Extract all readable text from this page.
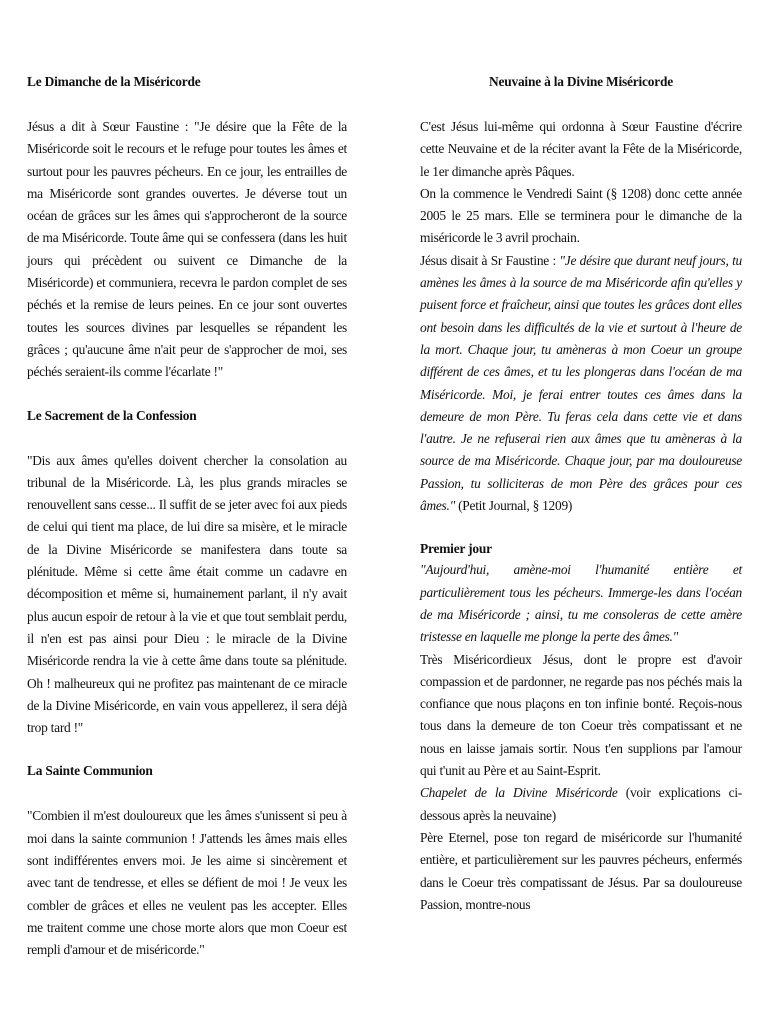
Le Dimanche de la Miséricorde

Jésus a dit à Sœur Faustine : "Je désire que la Fête de la Miséricorde soit le recours et le refuge pour toutes les âmes et surtout pour les pauvres pécheurs. En ce jour, les entrailles de ma Miséricorde sont grandes ouvertes. Je déverse tout un océan de grâces sur les âmes qui s'approcheront de la source de ma Miséricorde. Toute âme qui se confessera (dans les huit jours qui précèdent ou suivent ce Dimanche de la Miséricorde) et communiera, recevra le pardon complet de ses péchés et la remise de leurs peines. En ce jour sont ouvertes toutes les sources divines par lesquelles se répandent les grâces ; qu'aucune âme n'ait peur de s'approcher de moi, ses péchés seraient-ils comme l'écarlate !"

Le Sacrement de la Confession

"Dis aux âmes qu'elles doivent chercher la consolation au tribunal de la Miséricorde. Là, les plus grands miracles se renouvellent sans cesse... Il suffit de se jeter avec foi aux pieds de celui qui tient ma place, de lui dire sa misère, et le miracle de la Divine Miséricorde se manifestera dans toute sa plénitude. Même si cette âme était comme un cadavre en décomposition et même si, humainement parlant, il n'y avait plus aucun espoir de retour à la vie et que tout semblait perdu, il n'en est pas ainsi pour Dieu : le miracle de la Divine Miséricorde rendra la vie à cette âme dans toute sa plénitude. Oh ! malheureux qui ne profitez pas maintenant de ce miracle de la Divine Miséricorde, en vain vous appellerez, il sera déjà trop tard !"

La Sainte Communion

"Combien il m'est douloureux que les âmes s'unissent si peu à moi dans la sainte communion ! J'attends les âmes mais elles sont indifférentes envers moi. Je les aime si sincèrement et avec tant de tendresse, et elles se défient de moi ! Je veux les combler de grâces et elles ne veulent pas les accepter. Elles me traitent comme une chose morte alors que mon Coeur est rempli d'amour et de miséricorde."

Neuvaine à la Divine Miséricorde

C'est Jésus lui-même qui ordonna à Sœur Faustine d'écrire cette Neuvaine et de la réciter avant la Fête de la Miséricorde, le 1er dimanche après Pâques.

On la commence le Vendredi Saint (§ 1208) donc cette année 2005 le 25 mars. Elle se terminera pour le dimanche de la miséricorde le 3 avril prochain.

Jésus disait à Sr Faustine : "Je désire que durant neuf jours, tu amènes les âmes à la source de ma Miséricorde afin qu'elles y puisent force et fraîcheur, ainsi que toutes les grâces dont elles ont besoin dans les difficultés de la vie et surtout à l'heure de la mort. Chaque jour, tu amèneras à mon Coeur un groupe différent de ces âmes, et tu les plongeras dans l'océan de ma Miséricorde. Moi, je ferai entrer toutes ces âmes dans la demeure de mon Père. Tu feras cela dans cette vie et dans l'autre. Je ne refuserai rien aux âmes que tu amèneras à la source de ma Miséricorde. Chaque jour, par ma douloureuse Passion, tu solliciteras de mon Père des grâces pour ces âmes." (Petit Journal, § 1209)

Premier jour

"Aujourd'hui, amène-moi l'humanité entière et particulièrement tous les pécheurs. Immerge-les dans l'océan de ma Miséricorde ; ainsi, tu me consoleras de cette amère tristesse en laquelle me plonge la perte des âmes."

Très Miséricordieux Jésus, dont le propre est d'avoir compassion et de pardonner, ne regarde pas nos péchés mais la confiance que nous plaçons en ton infinie bonté. Reçois-nous tous dans la demeure de ton Coeur très compatissant et ne nous en laisse jamais sortir. Nous t'en supplions par l'amour qui t'unit au Père et au Saint-Esprit.

Chapelet de la Divine Miséricorde (voir explications ci-dessous après la neuvaine)

Père Eternel, pose ton regard de miséricorde sur l'humanité entière, et particulièrement sur les pauvres pécheurs, enfermés dans le Coeur très compatissant de Jésus. Par sa douloureuse Passion, montre-nous
